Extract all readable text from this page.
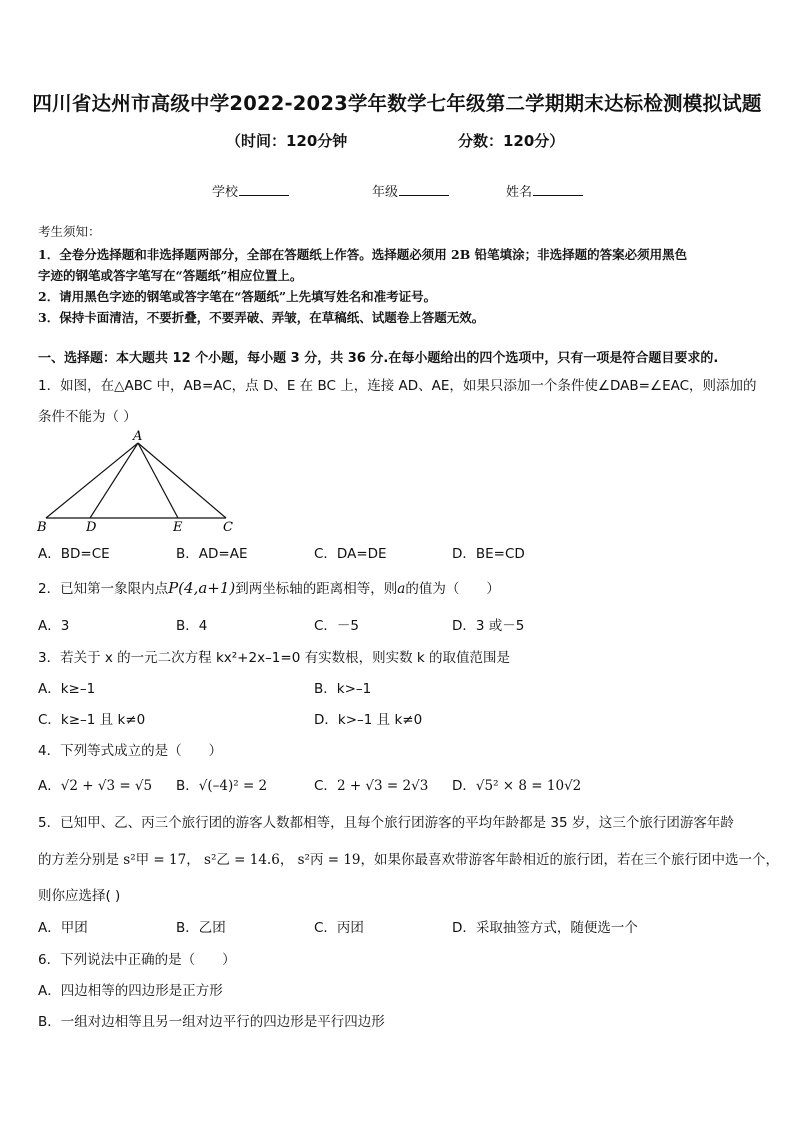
四川省达州市高级中学2022-2023学年数学七年级第二学期期末达标检测模拟试题
（时间：120分钟	分数：120分）
学校	年级	姓名
考生须知：
1．全卷分选择题和非选择题两部分，全部在答题纸上作答。选择题必须用 2B 铅笔填涂；非选择题的答案必须用黑色
字迹的钢笔或答字笔写在“答题纸”相应位置上。
2．请用黑色字迹的钢笔或答字笔在“答题纸”上先填写姓名和准考证号。
3．保持卡面清洁，不要折叠，不要弄破、弄皱，在草稿纸、试题卷上答题无效。
一、选择题：本大题共 12 个小题，每小题 3 分，共 36 分.在每小题给出的四个选项中，只有一项是符合题目要求的.
1．如图，在△ABC 中，AB=AC，点 D、E 在 BC 上，连接 AD、AE，如果只添加一个条件使∠DAB=∠EAC，则添加的
条件不能为（ ）
A
B	D	E	C
A．BD=CE	B．AD=AE	C．DA=DE	D．BE=CD
2．已知第一象限内点P(4,a+1)到两坐标轴的距离相等，则a的值为（　　）
A．3	B．4	C．－5	D．3 或－5
3．若关于 x 的一元二次方程 kx²+2x–1=0 有实数根，则实数 k 的取值范围是
A．k≥–1	B．k>–1
C．k≥–1 且 k≠0	D．k>–1 且 k≠0
4．下列等式成立的是（　　）
A．√2 + √3 = √5 B．√(–4)² = 2	C．2 + √3 = 2√3 D．√5² × 8 = 10√2
5．已知甲、乙、丙三个旅行团的游客人数都相等，且每个旅行团游客的平均年龄都是 35 岁，这三个旅行团游客年龄
的方差分别是 s²甲 = 17， s²乙 = 14.6， s²丙 = 19，如果你最喜欢带游客年龄相近的旅行团，若在三个旅行团中选一个，
则你应选择( )
A．甲团	B．乙团	C．丙团	D．采取抽签方式，随便选一个
6．下列说法中正确的是（　　）
A．四边相等的四边形是正方形
B．一组对边相等且另一组对边平行的四边形是平行四边形
